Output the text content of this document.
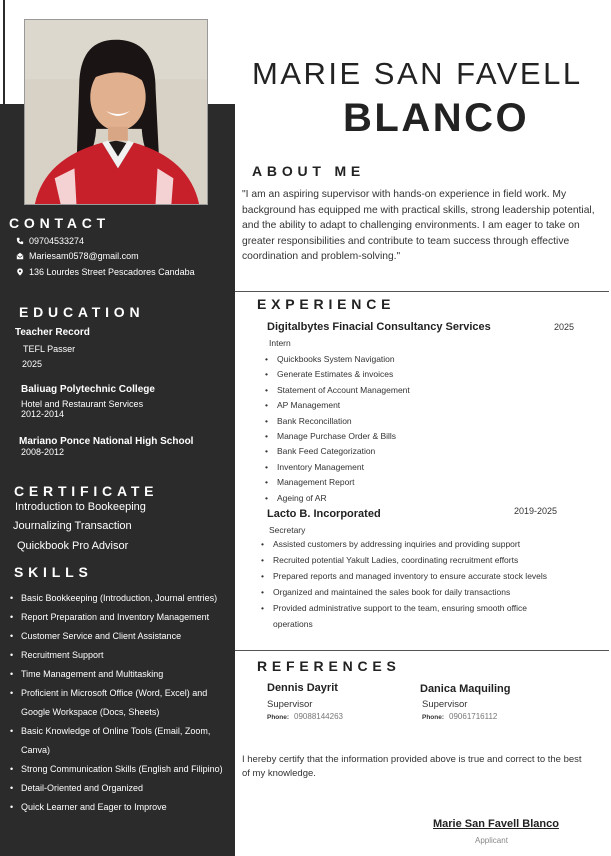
MARIE SAN FAVELL
BLANCO
ABOUT ME
"I am an aspiring supervisor with hands-on experience in field work. My background has equipped me with practical skills, strong leadership potential, and the ability to adapt to challenging environments. I am eager to take on greater responsibilities and contribute to team success through effective coordination and problem-solving."
CONTACT
09704533274
Mariesam0578@gmail.com
136 Lourdes Street Pescadores Candaba
EDUCATION
Teacher Record
TEFL Passer
2025
Baliuag Polytechnic College
Hotel and Restaurant Services
2012-2014
Mariano Ponce National High School
2008-2012
CERTIFICATE
Introduction to Bookeeping
Journalizing Transaction
Quickbook Pro Advisor
SKILLS
• Basic Bookkeeping (Introduction, Journal entries)
• Report Preparation and Inventory Management
• Customer Service and Client Assistance
• Recruitment Support
• Time Management and Multitasking
• Proficient in Microsoft Office (Word, Excel) and Google Workspace (Docs, Sheets)
• Basic Knowledge of Online Tools (Email, Zoom, Canva)
• Strong Communication Skills (English and Filipino)
• Detail-Oriented and Organized
• Quick Learner and Eager to Improve
EXPERIENCE
Digitalbytes Finacial Consultancy Services	2025
Intern
• Quickbooks System Navigation
• Generate Estimates & invoices
• Statement of Account Management
• AP Management
• Bank Reconcillation
• Manage Purchase Order & Bills
• Bank Feed Categorization
• Inventory Management
• Management Report
• Ageing of AR
Lacto B. Incorporated	2019-2025
Secretary
• Assisted customers by addressing inquiries and providing support
• Recruited potential Yakult Ladies, coordinating recruitment efforts
• Prepared reports and managed inventory to ensure accurate stock levels
• Organized and maintained the sales book for daily transactions
• Provided administrative support to the team, ensuring smooth office operations
REFERENCES
Dennis Dayrit
Supervisor
Phone: 09088144263
Danica Maquiling
Supervisor
Phone: 09061716112
I hereby certify that the information provided above is true and correct to the best of my knowledge.
Marie San Favell Blanco
Applicant
